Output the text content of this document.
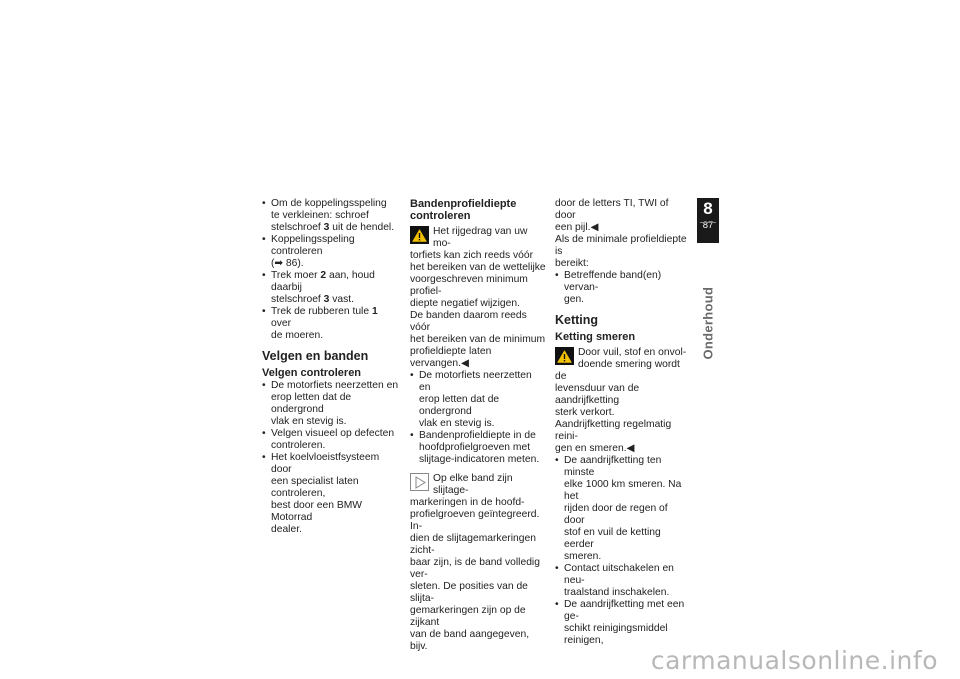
• Om de koppelingsspeling
te verkleinen: schroef
stelschroef 3 uit de hendel.
• Koppelingsspeling controleren
(➡ 86).
• Trek moer 2 aan, houd daarbij
stelschroef 3 vast.
• Trek de rubberen tule 1 over
de moeren.
Velgen en banden
Velgen controleren
• De motorfiets neerzetten en
erop letten dat de ondergrond
vlak en stevig is.
• Velgen visueel op defecten
controleren.
• Het koelvloeistfsysteem door
een specialist laten controleren,
best door een BMW Motorrad
dealer.
Bandenprofieldiepte
controleren
Het rijgedrag van uw mo-
torfiets kan zich reeds vóór
het bereiken van de wettelijke
voorgeschreven minimum profiel-
diepte negatief wijzigen.
De banden daarom reeds vóór
het bereiken van de minimum
profieldiepte laten vervangen.◀
• De motorfiets neerzetten en
erop letten dat de ondergrond
vlak en stevig is.
• Bandenprofieldiepte in de
hoofdprofielgroeven met
slijtage-indicatoren meten.
Op elke band zijn slijtage-
markeringen in de hoofd-
profielgroeven geïntegreerd. In-
dien de slijtagemarkeringen zicht-
baar zijn, is de band volledig ver-
sleten. De posities van de slijta-
gemarkeringen zijn op de zijkant
van de band aangegeven, bijv.

door de letters TI, TWI of door
een pijl.◀

Als de minimale profieldiepte is
bereikt:

• Betreffende band(en) vervan-
gen.
Ketting
Ketting smeren
Door vuil, stof en onvol-
doende smering wordt de
levensduur van de aandrijfketting
sterk verkort.
Aandrijfketting regelmatig reini-
gen en smeren.◀
• De aandrijfketting ten minste
elke 1000 km smeren. Na het
rijden door de regen of door
stof en vuil de ketting eerder
smeren.
• Contact uitschakelen en neu-
traalstand inschakelen.
• De aandrijfketting met een ge-
schikt reinigingsmiddel reinigen,
8
87
Onderhoud
carmanualsonline.info
